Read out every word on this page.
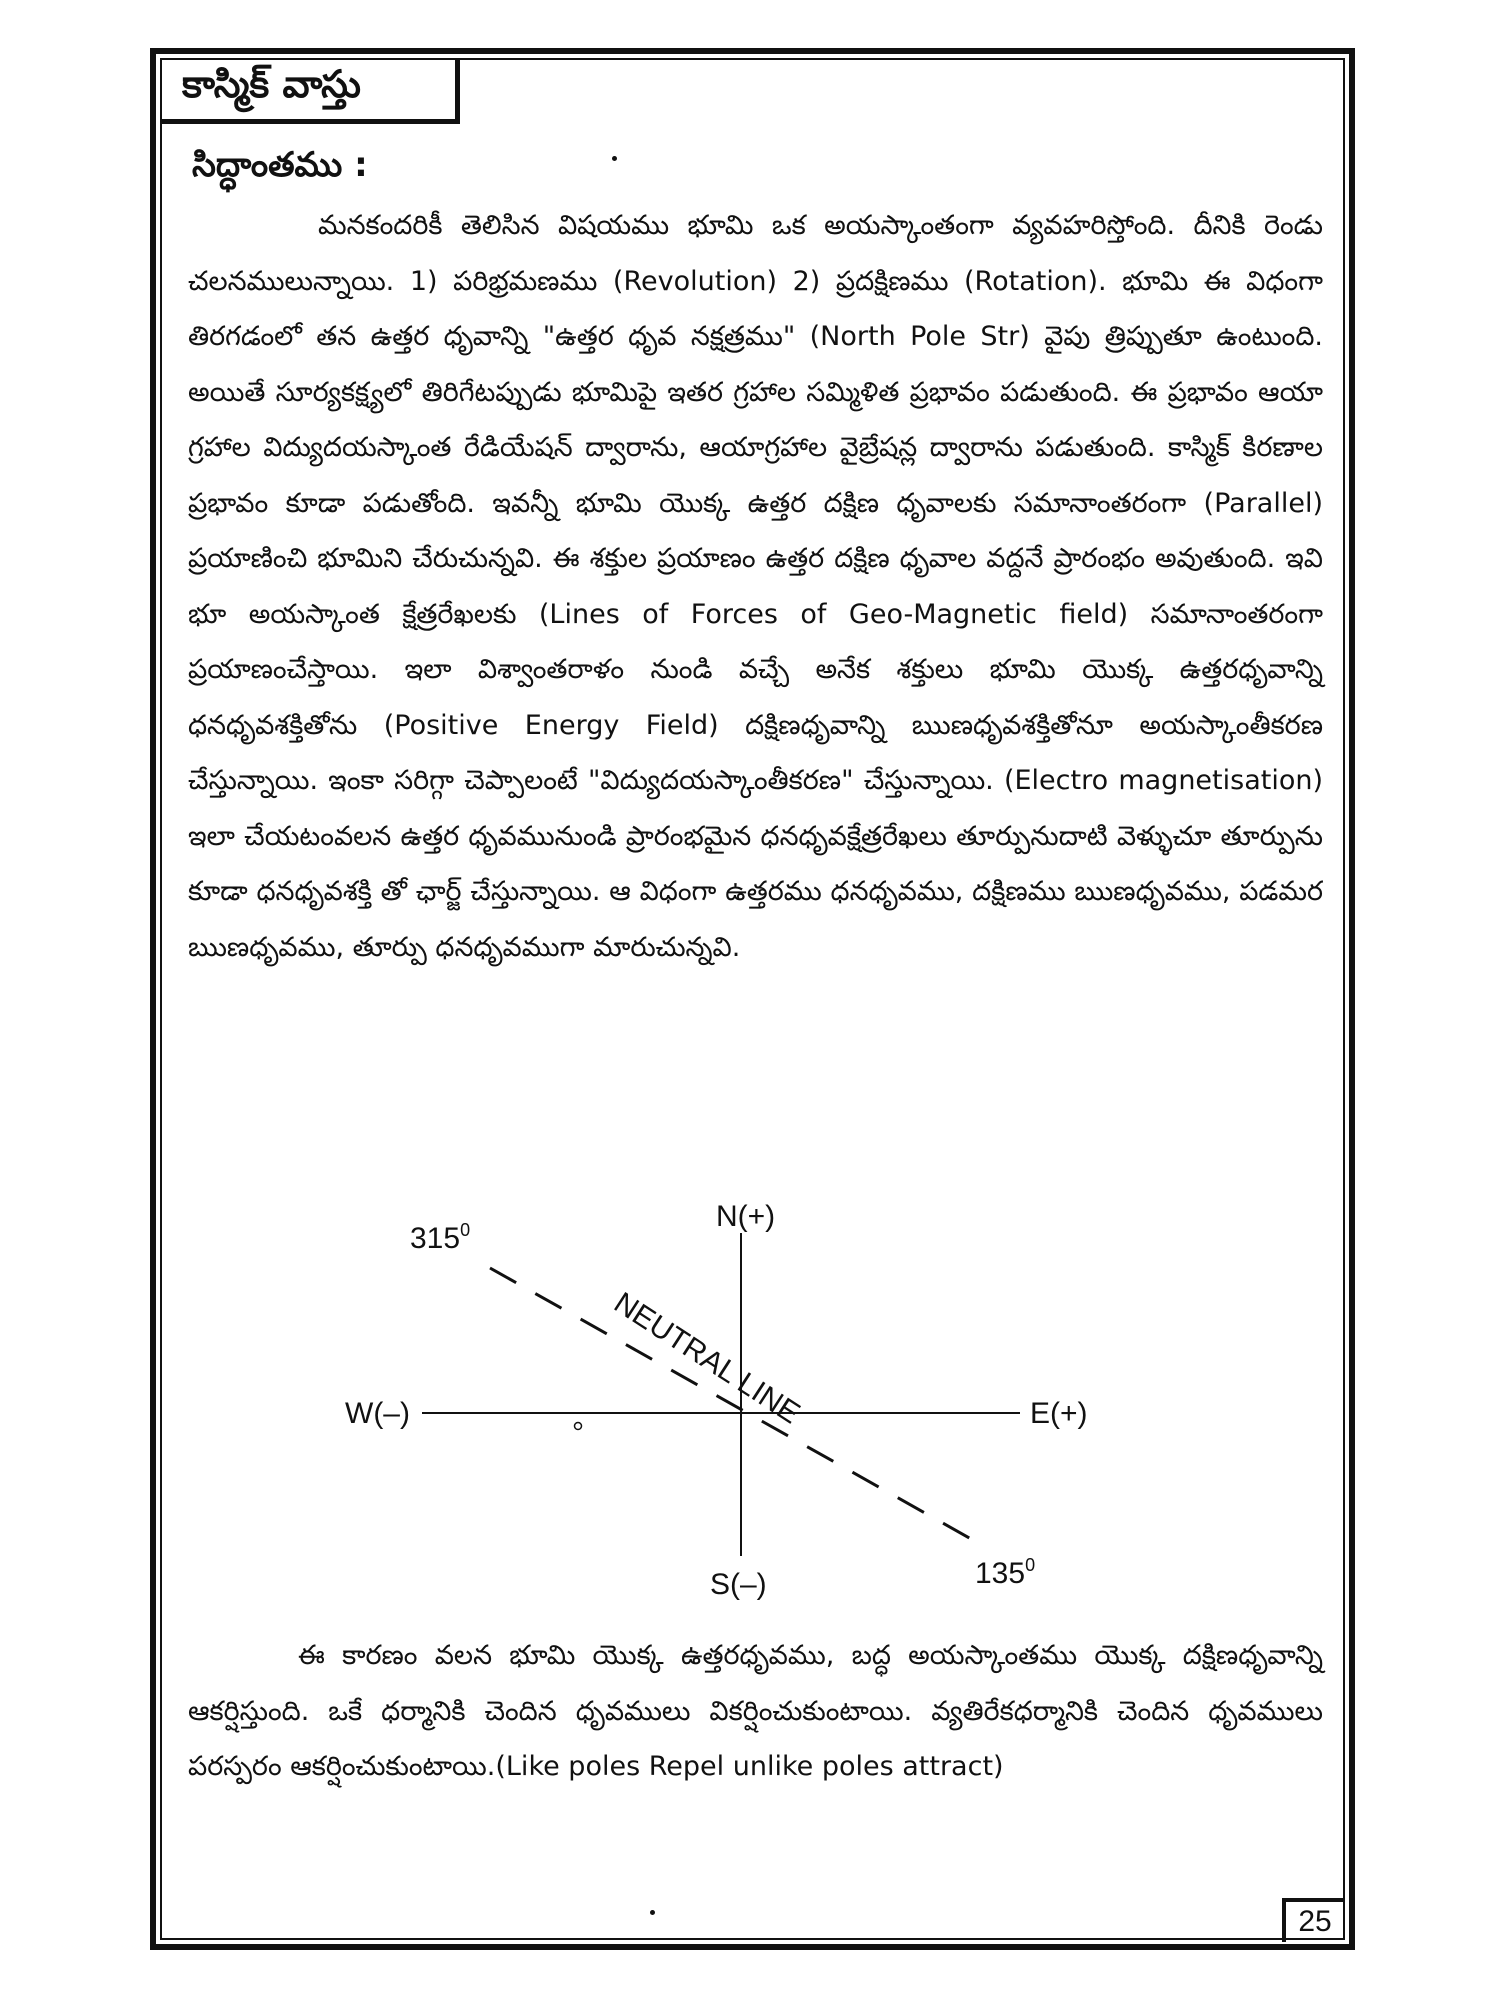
కాస్మిక్ వాస్తు
సిద్ధాంతము :

మనకందరికీ తెలిసిన విషయము భూమి ఒక అయస్కాంతంగా వ్యవహరిస్తోంది. దీనికి రెండు చలనములున్నాయి. 1) పరిభ్రమణము (Revolution) 2) ప్రదక్షిణము (Rotation). భూమి ఈ విధంగా తిరగడంలో తన ఉత్తర ధృవాన్ని "ఉత్తర ధృవ నక్షత్రము" (North Pole Str) వైపు త్రిప్పుతూ ఉంటుంది. అయితే సూర్యకక్ష్యలో తిరిగేటప్పుడు భూమిపై ఇతర గ్రహాల సమ్మిళిత ప్రభావం పడుతుంది. ఈ ప్రభావం ఆయా గ్రహాల విద్యుదయస్కాంత రేడియేషన్ ద్వారాను, ఆయాగ్రహాల వైబ్రేషన్ల ద్వారాను పడుతుంది. కాస్మిక్ కిరణాల ప్రభావం కూడా పడుతోంది. ఇవన్నీ భూమి యొక్క ఉత్తర దక్షిణ ధృవాలకు సమానాంతరంగా (Parallel) ప్రయాణించి భూమిని చేరుచున్నవి. ఈ శక్తుల ప్రయాణం ఉత్తర దక్షిణ ధృవాల వద్దనే ప్రారంభం అవుతుంది. ఇవి భూ అయస్కాంత క్షేత్రరేఖలకు (Lines of Forces of Geo-Magnetic field) సమానాంతరంగా ప్రయాణంచేస్తాయి. ఇలా విశ్వాంతరాళం నుండి వచ్చే అనేక శక్తులు భూమి యొక్క ఉత్తరధృవాన్ని ధనధృవశక్తితోను (Positive Energy Field) దక్షిణధృవాన్ని ఋణధృవశక్తితోనూ అయస్కాంతీకరణ చేస్తున్నాయి. ఇంకా సరిగ్గా చెప్పాలంటే "విద్యుదయస్కాంతీకరణ" చేస్తున్నాయి. (Electro magnetisation) ఇలా చేయటంవలన ఉత్తర ధృవమునుండి ప్రారంభమైన ధనధృవక్షేత్రరేఖలు తూర్పునుదాటి వెళ్ళుచూ తూర్పును కూడా ధనధృవశక్తి తో ఛార్జ్ చేస్తున్నాయి. ఆ విధంగా ఉత్తరము ధనధృవము, దక్షిణము ఋణధృవము, పడమర ఋణధృవము, తూర్పు ధనధృవముగా మారుచున్నవి.

N(+)
S(–)
E(+)
W(–)
$315^0$
$135^0$
NEUTRAL LINE

ఈ కారణం వలన భూమి యొక్క ఉత్తరధృవము, బద్ధ అయస్కాంతము యొక్క దక్షిణధృవాన్ని ఆకర్షిస్తుంది. ఒకే ధర్మానికి చెందిన ధృవములు వికర్షించుకుంటాయి. వ్యతిరేకధర్మానికి చెందిన ధృవములు పరస్పరం ఆకర్షించుకుంటాయి.(Like poles Repel unlike poles attract)

25
